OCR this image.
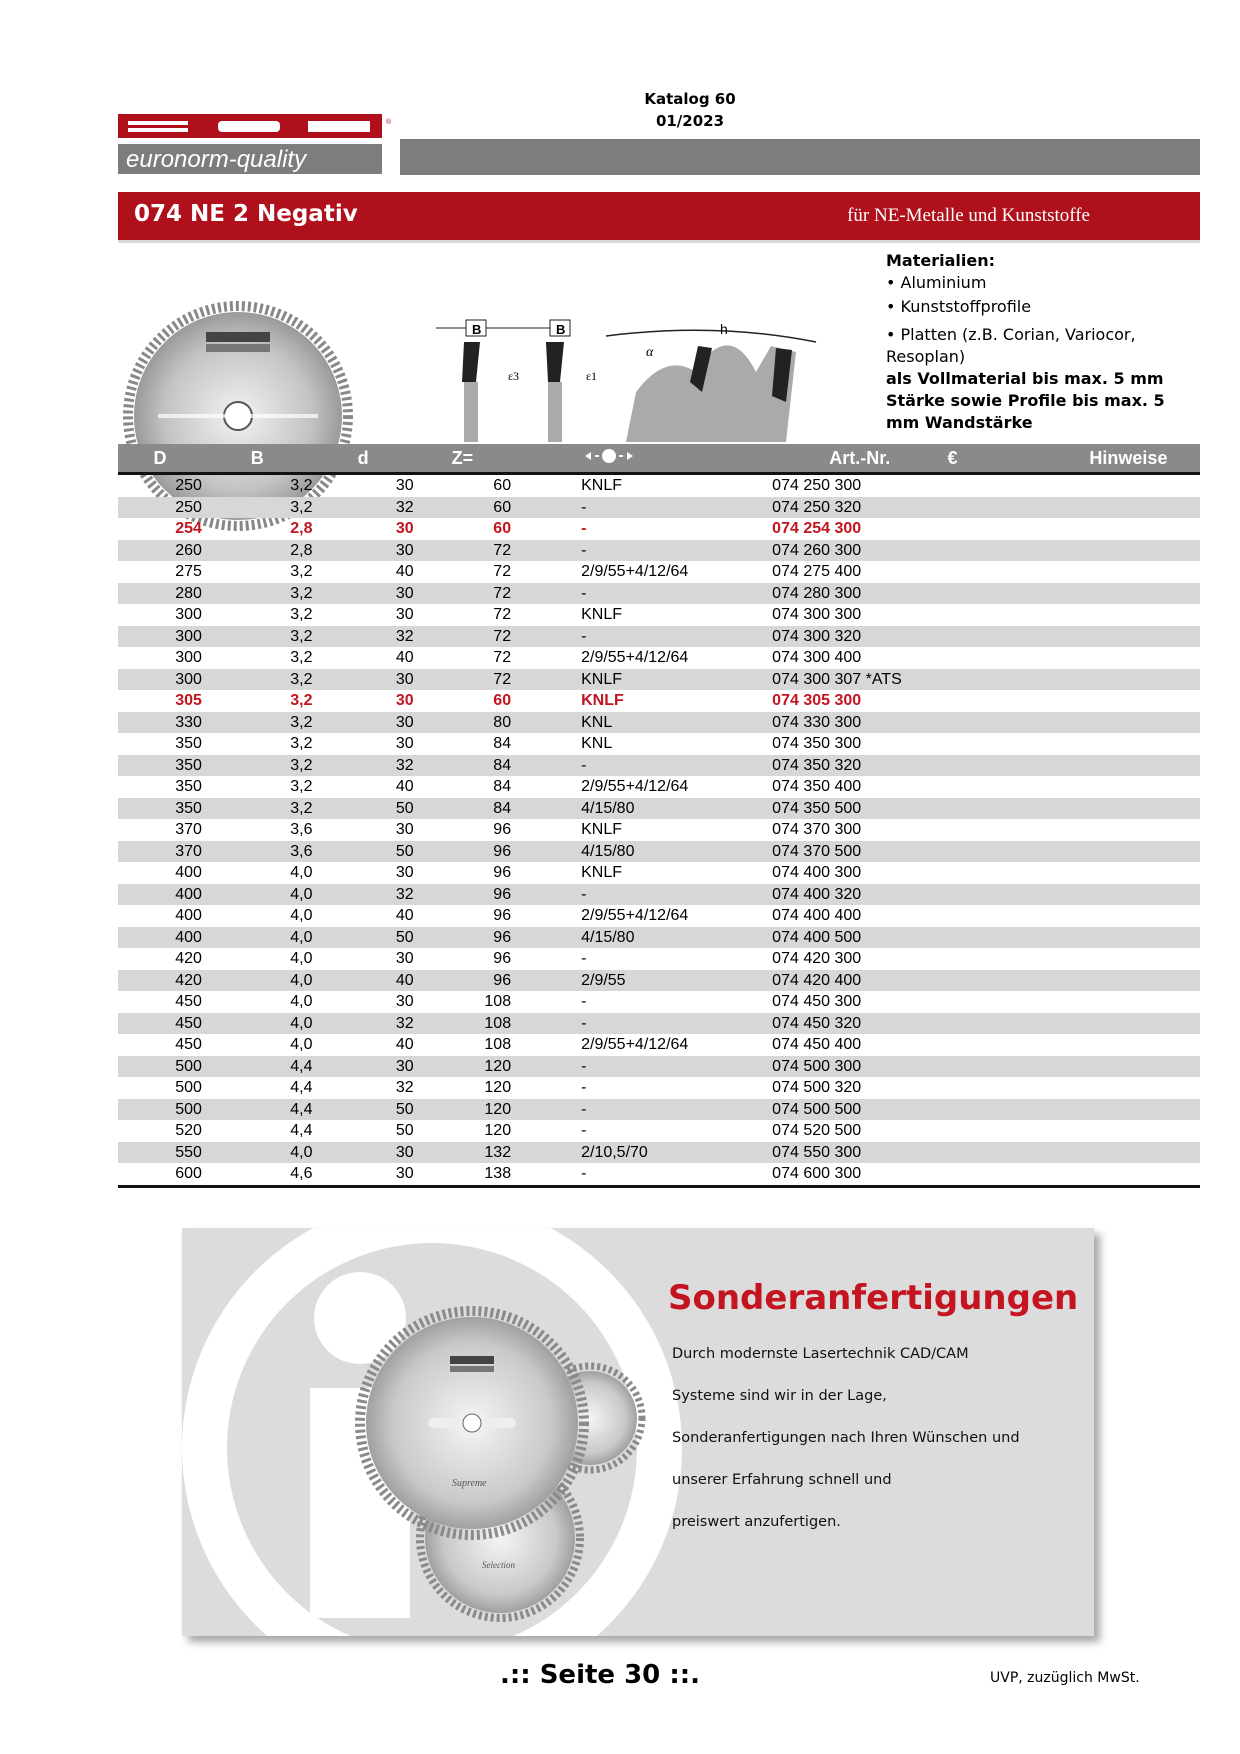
Katalog 60
01/2023
®
euronorm-quality
074 NE 2 Negativ	für NE-Metalle und Kunststoffe
Materialien:
• Aluminium
• Kunststoffprofile
• Platten (z.B. Corian, Variocor, Resoplan)
als Vollmaterial bis max. 5 mm Stärke sowie Profile bis max. 5 mm Wandstärke
B	B
ε3	ε1
α
h
D	B	d	Z=		Art.-Nr.	€	Hinweise
250	3,2	30	60	KNLF	074 250 300		
250	3,2	32	60	-	074 250 320		
254	2,8	30	60	-	074 254 300		
260	2,8	30	72	-	074 260 300		
275	3,2	40	72	2/9/55+4/12/64	074 275 400		
280	3,2	30	72	-	074 280 300		
300	3,2	30	72	KNLF	074 300 300		
300	3,2	32	72	-	074 300 320		
300	3,2	40	72	2/9/55+4/12/64	074 300 400		
300	3,2	30	72	KNLF	074 300 307 *ATS		
305	3,2	30	60	KNLF	074 305 300		
330	3,2	30	80	KNL	074 330 300		
350	3,2	30	84	KNL	074 350 300		
350	3,2	32	84	-	074 350 320		
350	3,2	40	84	2/9/55+4/12/64	074 350 400		
350	3,2	50	84	4/15/80	074 350 500		
370	3,6	30	96	KNLF	074 370 300		
370	3,6	50	96	4/15/80	074 370 500		
400	4,0	30	96	KNLF	074 400 300		
400	4,0	32	96	-	074 400 320		
400	4,0	40	96	2/9/55+4/12/64	074 400 400		
400	4,0	50	96	4/15/80	074 400 500		
420	4,0	30	96	-	074 420 300		
420	4,0	40	96	2/9/55	074 420 400		
450	4,0	30	108	-	074 450 300		
450	4,0	32	108	-	074 450 320		
450	4,0	40	108	2/9/55+4/12/64	074 450 400		
500	4,4	30	120	-	074 500 300		
500	4,4	32	120	-	074 500 320		
500	4,4	50	120	-	074 500 500		
520	4,4	50	120	-	074 520 500		
550	4,0	30	132	2/10,5/70	074 550 300		
600	4,6	30	138	-	074 600 300		
Supreme
Selection
Sonderanfertigungen
Durch modernste Lasertechnik CAD/CAM
Systeme sind wir in der Lage,
Sonderanfertigungen nach Ihren Wünschen und
unserer Erfahrung schnell und
preiswert anzufertigen.
.:: Seite 30 ::.	UVP, zuzüglich MwSt.
